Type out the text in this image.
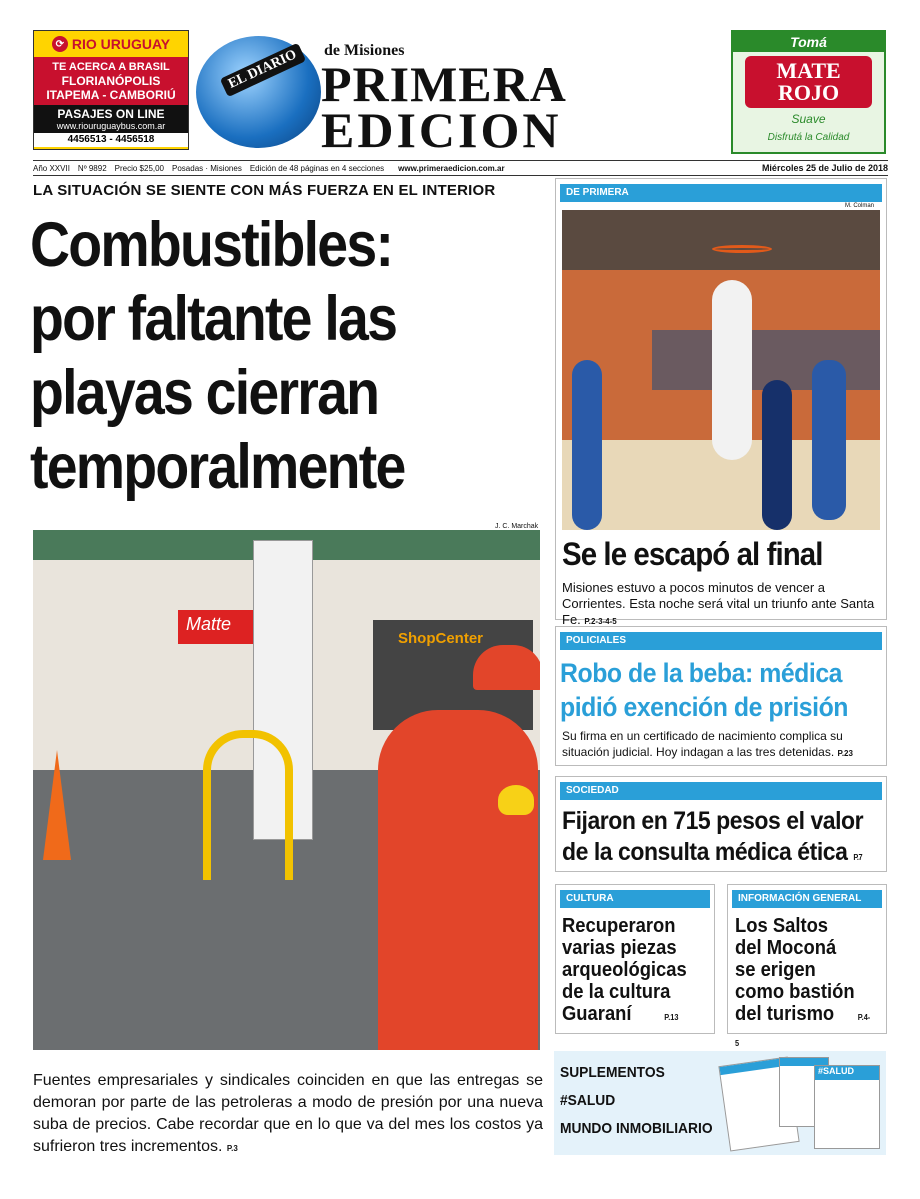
⟳ RIO URUGUAY
TE ACERCA A BRASIL
FLORIANÓPOLIS
ITAPEMA - CAMBORIÚ
PASAJES ON LINE
www.riouruguaybus.com.ar
4456513 - 4456518
EL DIARIO	de Misiones
PRIMERA
EDICION
Tomá
MATE
ROJO
Suave
Disfrutá la Calidad
Año XXVII Nº 9892 Precio $25,00 Posadas · Misiones Edición de 48 páginas en 4 secciones www.primeraedicion.com.ar	Miércoles 25 de Julio de 2018
LA SITUACIÓN SE SIENTE CON MÁS FUERZA EN EL INTERIOR
Combustibles:
por faltante las
playas cierran
temporalmente
J. C. Marchak
Matte
ShopCenter
Fuentes empresariales y sindicales coinciden en que las entregas se demoran por parte de las petroleras a modo de presión por una nueva suba de precios. Cabe recordar que en lo que va del mes los costos ya sufrieron tres incrementos. P.3
DE PRIMERA
M. Colman
Se le escapó al final
Misiones estuvo a pocos minutos de vencer a Corrientes. Esta noche será vital un triunfo ante Santa Fe. P.2-3-4-5
POLICIALES
Robo de la beba: médica
pidió exención de prisión
Su firma en un certificado de nacimiento complica su situación judicial. Hoy indagan a las tres detenidas. P.23
SOCIEDAD
Fijaron en 715 pesos el valor
de la consulta médica ética P.7
CULTURA
Recuperaron
varias piezas
arqueológicas
de la cultura
Guaraní	P.13
INFORMACIÓN GENERAL
Los Saltos
del Moconá
se erigen
como bastión
del turismo	P.4-5
SUPLEMENTOS
#SALUD
MUNDO INMOBILIARIO
#SALUD
